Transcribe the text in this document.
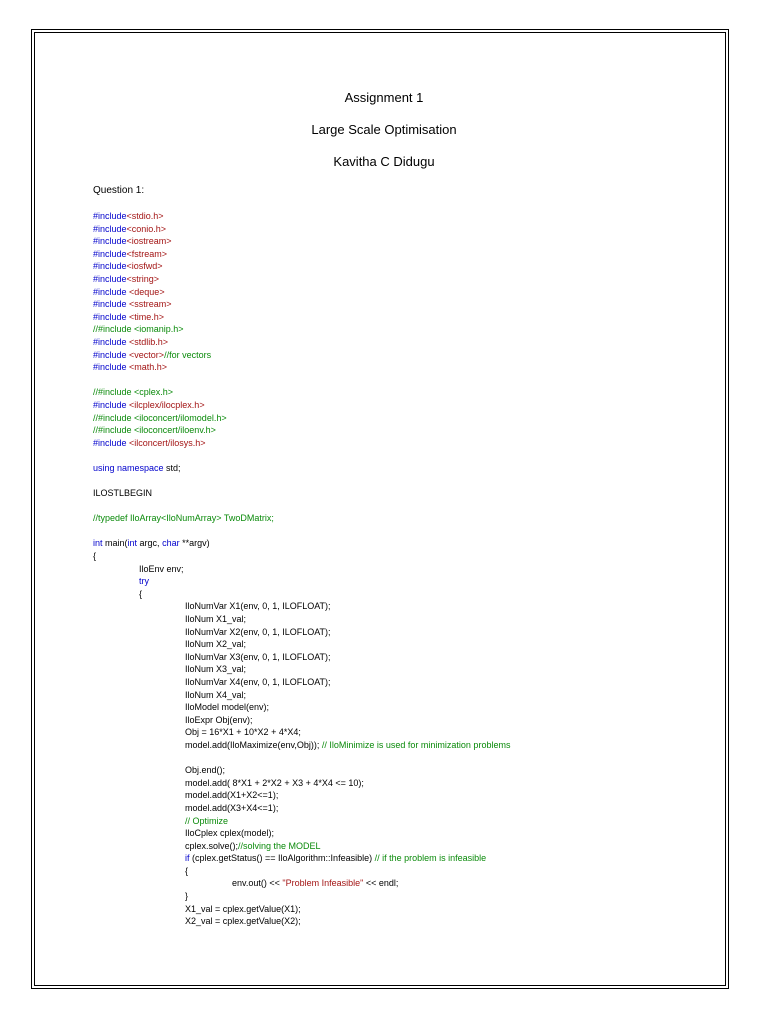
Assignment 1
Large Scale Optimisation
Kavitha C Didugu
Question 1:
#include<stdio.h>
#include<conio.h>
#include<iostream>
#include<fstream>
#include<iosfwd>
#include<string>
#include <deque>
#include <sstream>
#include <time.h>
//#include <iomanip.h>
#include <stdlib.h>
#include <vector>//for vectors
#include <math.h>
//#include <cplex.h>
#include <ilcplex/ilocplex.h>
//#include <iloconcert/ilomodel.h>
//#include <iloconcert/iloenv.h>
#include <ilconcert/ilosys.h>
using namespace std;
ILOSTLBEGIN
//typedef IloArray<IloNumArray> TwoDMatrix;
int main(int argc, char **argv)
{
IloEnv env;
try
{
IloNumVar X1(env, 0, 1, ILOFLOAT);
IloNum X1_val;
IloNumVar X2(env, 0, 1, ILOFLOAT);
IloNum X2_val;
IloNumVar X3(env, 0, 1, ILOFLOAT);
IloNum X3_val;
IloNumVar X4(env, 0, 1, ILOFLOAT);
IloNum X4_val;
IloModel model(env);
IloExpr Obj(env);
Obj = 16*X1 + 10*X2 + 4*X4;
model.add(IloMaximize(env,Obj)); // IloMinimize is used for minimization problems
Obj.end();
model.add( 8*X1 + 2*X2 + X3 + 4*X4 <= 10);
model.add(X1+X2<=1);
model.add(X3+X4<=1);
// Optimize
IloCplex cplex(model);
cplex.solve();//solving the MODEL
if (cplex.getStatus() == IloAlgorithm::Infeasible) // if the problem is infeasible
{
env.out() << "Problem Infeasible" << endl;
}
X1_val = cplex.getValue(X1);
X2_val = cplex.getValue(X2);
